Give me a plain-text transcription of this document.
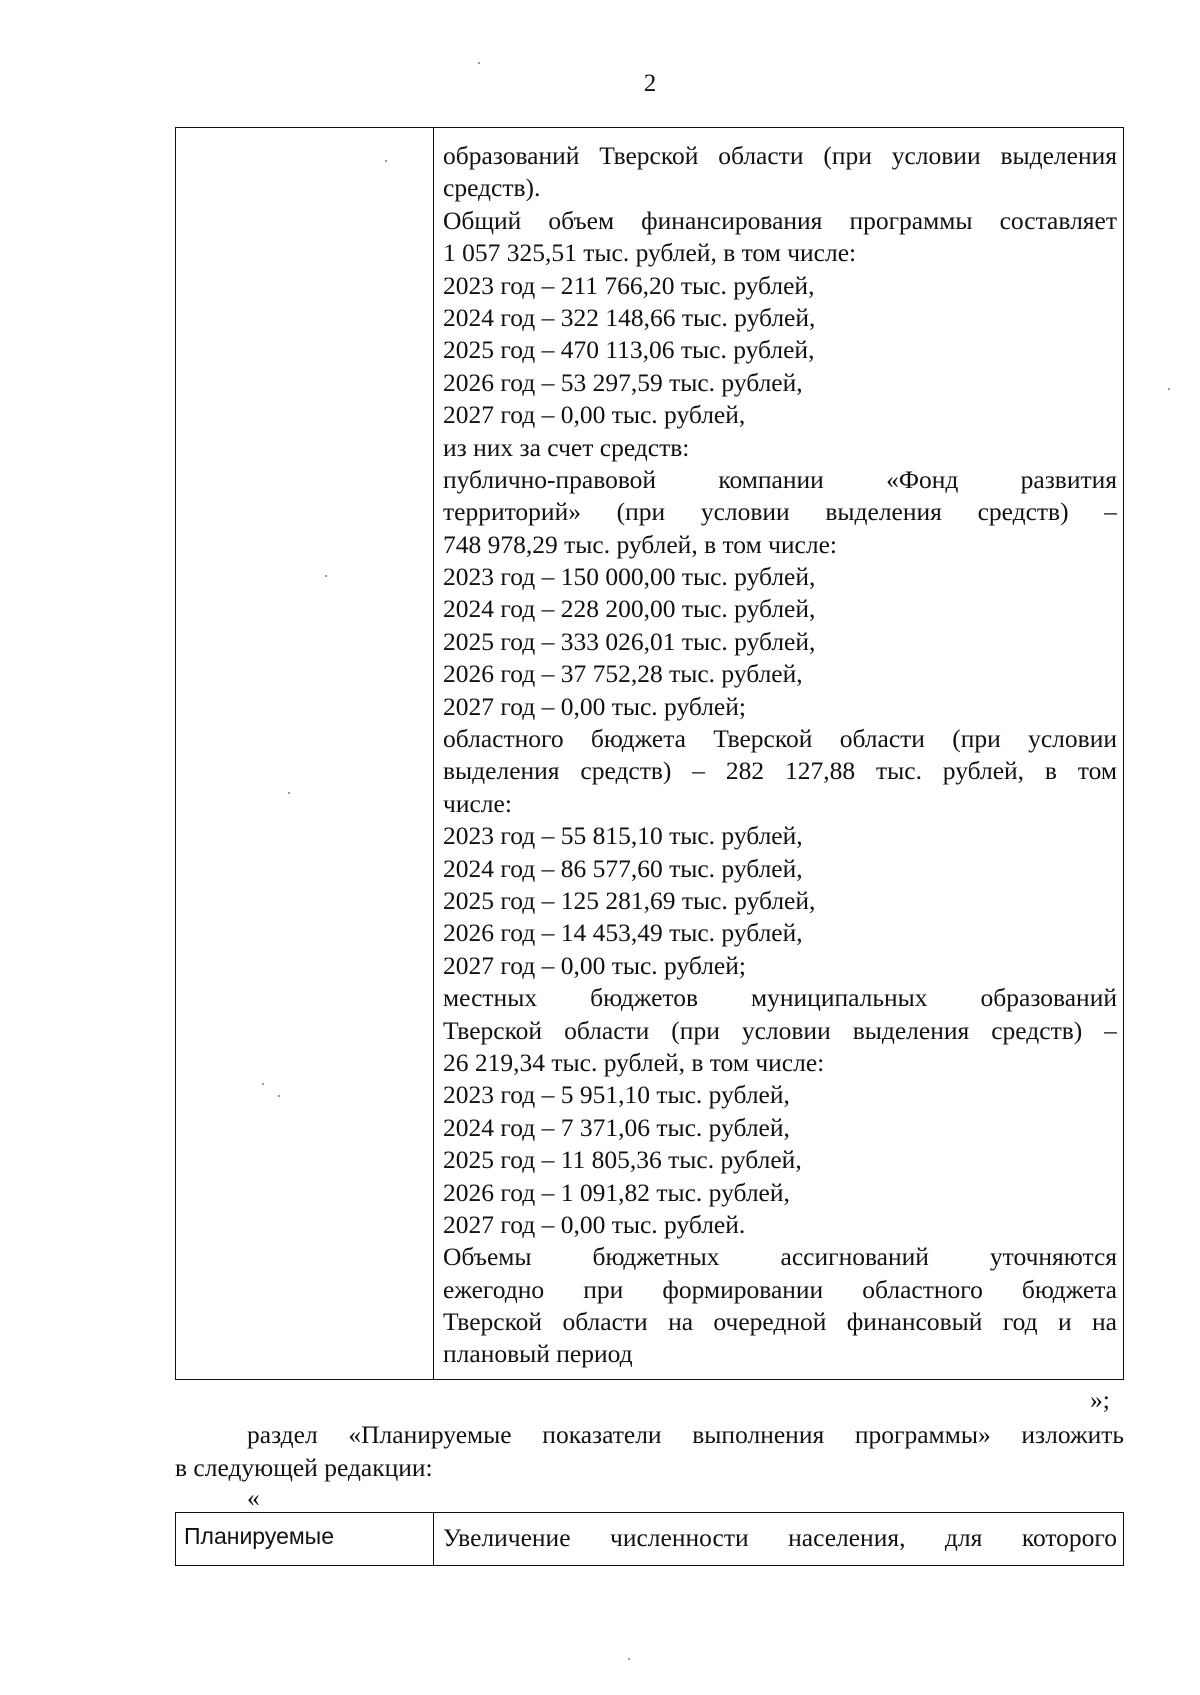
2
образований Тверской области (при условии выделения
средств).
Общий объем финансирования программы составляет
1 057 325,51 тыс. рублей, в том числе:
2023 год – 211 766,20 тыс. рублей,
2024 год – 322 148,66 тыс. рублей,
2025 год – 470 113,06 тыс. рублей,
2026 год – 53 297,59 тыс. рублей,
2027 год – 0,00 тыс. рублей,
из них за счет средств:
публично-правовой компании «Фонд развития
территорий» (при условии выделения средств) –
748 978,29 тыс. рублей, в том числе:
2023 год – 150 000,00 тыс. рублей,
2024 год – 228 200,00 тыс. рублей,
2025 год – 333 026,01 тыс. рублей,
2026 год – 37 752,28 тыс. рублей,
2027 год – 0,00 тыс. рублей;
областного бюджета Тверской области (при условии
выделения средств) – 282 127,88 тыс. рублей, в том
числе:
2023 год – 55 815,10 тыс. рублей,
2024 год – 86 577,60 тыс. рублей,
2025 год – 125 281,69 тыс. рублей,
2026 год – 14 453,49 тыс. рублей,
2027 год – 0,00 тыс. рублей;
местных бюджетов муниципальных образований
Тверской области (при условии выделения средств) –
26 219,34 тыс. рублей, в том числе:
2023 год – 5 951,10 тыс. рублей,
2024 год – 7 371,06 тыс. рублей,
2025 год – 11 805,36 тыс. рублей,
2026 год – 1 091,82 тыс. рублей,
2027 год – 0,00 тыс. рублей.
Объемы бюджетных ассигнований уточняются
ежегодно при формировании областного бюджета
Тверской области на очередной финансовый год и на
плановый период
»;
раздел «Планируемые показатели выполнения программы» изложить
в следующей редакции:
«
Планируемые	Увеличение численности населения, для которого
